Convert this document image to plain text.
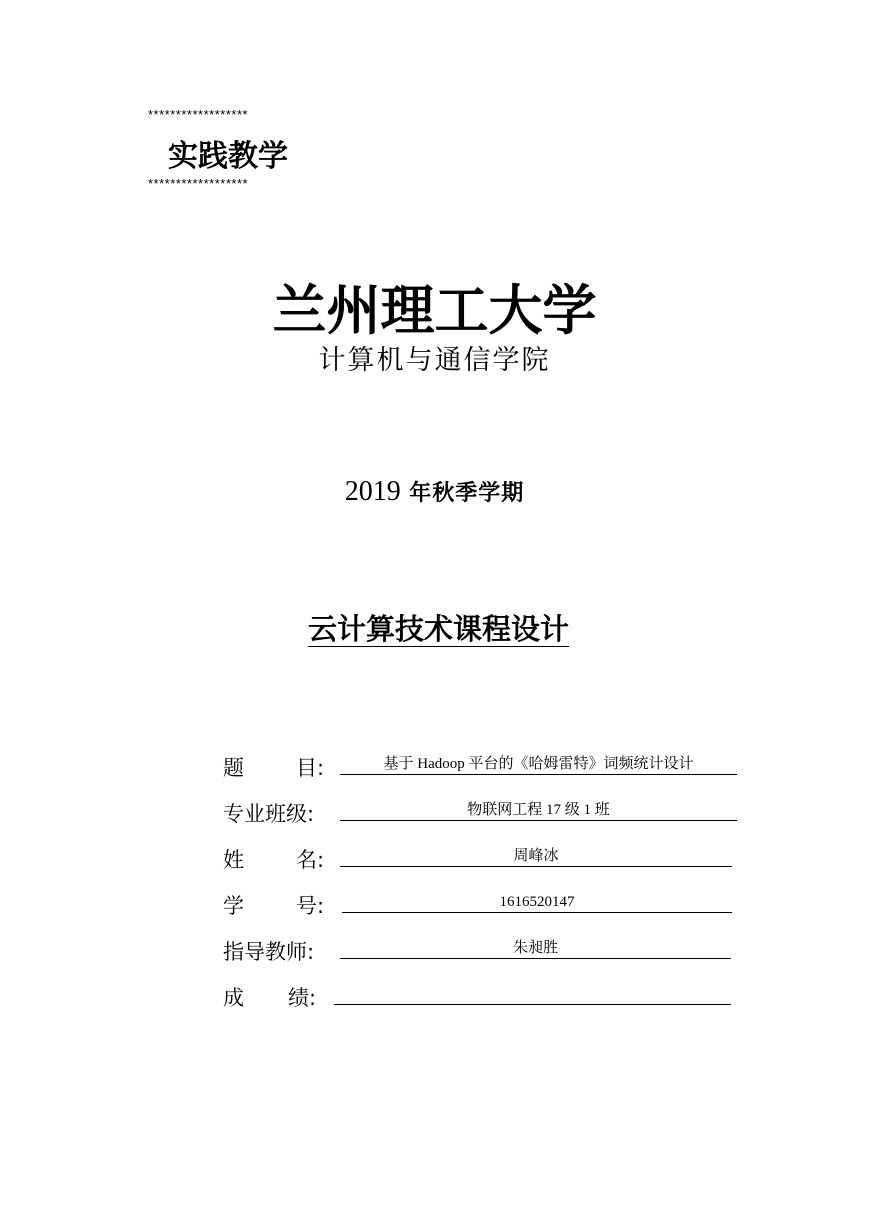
******************
实践教学
******************
兰州理工大学
计算机与通信学院
2019 年秋季学期
云计算技术课程设计
题 目:	基于 Hadoop 平台的《哈姆雷特》词频统计设计
专业班级:	物联网工程 17 级 1 班
姓 名:	周峰冰
学 号:	1616520147
指导教师:	朱昶胜
成 绩:
